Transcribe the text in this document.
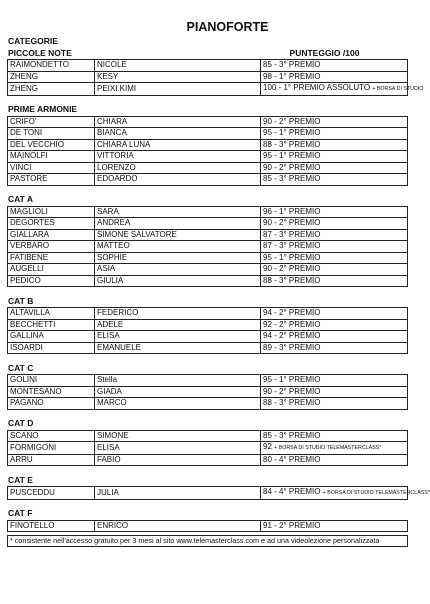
PIANOFORTE
CATEGORIE
PICCOLE NOTE	PUNTEGGIO /100
RAIMONDETTO	NICOLE	85 - 3° PREMIO
ZHENG	KESY	98 - 1° PREMIO
ZHENG	PEIXI KIMI	100 - 1° PREMIO ASSOLUTO + BORSA DI STUDIO
PRIME ARMONIE
CRIFO'	CHIARA	90 - 2° PREMIO
DE TONI	BIANCA	95 - 1° PREMIO
DEL VECCHIO	CHIARA LUNA	88 - 3° PREMIO
MAINOLFI	VITTORIA	95 - 1° PREMIO
VINCI	LORENZO	90 - 2° PREMIO
PASTORE	EDOARDO	85 - 3° PREMIO
CAT A
MAGLIOLI	SARA	96 - 1° PREMIO
DEGORTES	ANDREA	90 - 2° PREMIO
GIALLARA	SIMONE SALVATORE	87 - 3° PREMIO
VERBARO	MATTEO	87 - 3° PREMIO
FATIBENE	SOPHIE	95 - 1° PREMIO
AUGELLI	ASIA	90 - 2° PREMIO
PEDICO	GIULIA	88 - 3° PREMIO
CAT B
ALTAVILLA	FEDERICO	94 - 2° PREMIO
BECCHETTI	ADELE	92 - 2° PREMIO
GALLINA	ELISA	94 - 2° PREMIO
ISOARDI	EMANUELE	89 - 3° PREMIO
CAT C
GOLINI	Stella	95 - 1° PREMIO
MONTESANO	GIADA	90 - 2° PREMIO
PAGANO	MARCO	88 - 3° PREMIO
CAT D
SCANO	SIMONE	85 - 3° PREMIO
FORMIGONI	ELISA	92 + BORSA DI STUDIO TELEMASTERCLASS*
ARRU	FABIO	80 - 4° PREMIO
CAT E
PUSCEDDU	JULIA	84 - 4° PREMIO + BORSA DI STUDIO TELEMASTERCLASS*
CAT F
FINOTELLO	ENRICO	91 - 2° PREMIO
* consistente nell'accesso gratuito per 3 mesi al sito www.telemasterclass.com e ad una videolezione personalizzata
